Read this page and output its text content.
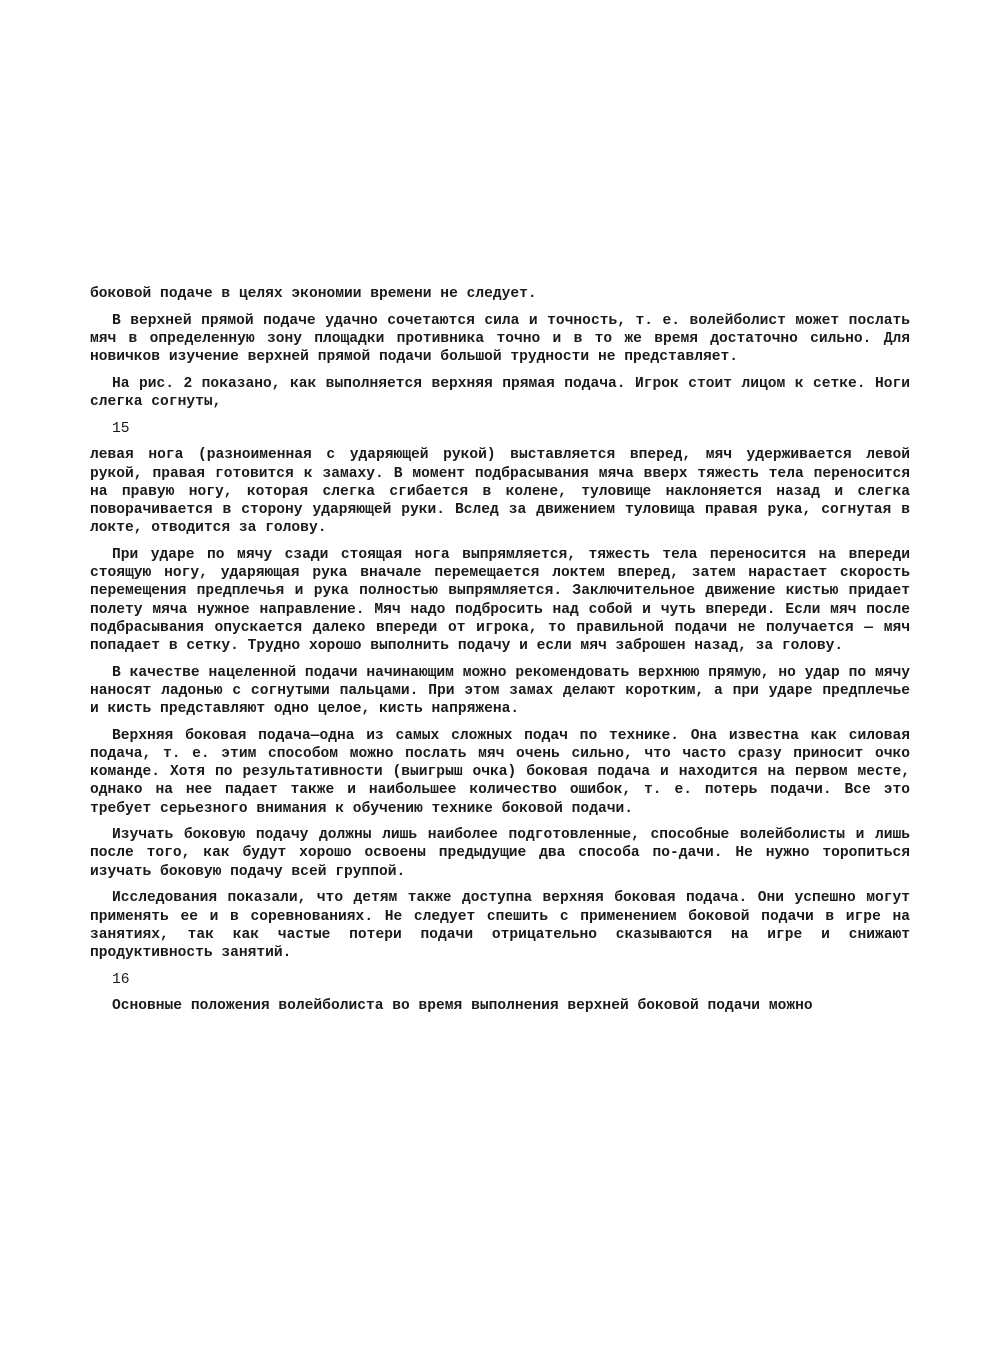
боковой подаче в целях экономии времени не следует.

В верхней прямой подаче удачно сочетаются сила и точность, т. е. волейболист может послать мяч в определенную зону площадки противника точно и в то же время достаточно сильно. Для новичков изучение верхней прямой подачи большой трудности не представляет.

На рис. 2 показано, как выполняется верхняя прямая подача. Игрок стоит лицом к сетке. Ноги слегка согнуты,

15

левая нога (разноименная с ударяющей рукой) выставляется вперед, мяч удерживается левой рукой, правая готовится к замаху. В момент подбрасывания мяча вверх тяжесть тела переносится на правую ногу, которая слегка сгибается в колене, туловище наклоняется назад и слегка поворачивается в сторону ударяющей руки. Вслед за движением туловища правая рука, согнутая в локте, отводится за голову.

При ударе по мячу сзади стоящая нога выпрямляется, тяжесть тела переносится на впереди стоящую ногу, ударяющая рука вначале перемещается локтем вперед, затем нарастает скорость перемещения предплечья и рука полностью выпрямляется. Заключительное движение кистью придает полету мяча нужное направление. Мяч надо подбросить над собой и чуть впереди. Если мяч после подбрасывания опускается далеко впереди от игрока, то правильной подачи не получается — мяч попадает в сетку. Трудно хорошо выполнить подачу и если мяч заброшен назад, за голову.

В качестве нацеленной подачи начинающим можно рекомендовать верхнюю прямую, но удар по мячу наносят ладонью с согнутыми пальцами. При этом замах делают коротким, а при ударе предплечье и кисть представляют одно целое, кисть напряжена.

Верхняя боковая подача—одна из самых сложных подач по технике. Она известна как силовая подача, т. е. этим способом можно послать мяч очень сильно, что часто сразу приносит очко команде. Хотя по результативности (выигрыш очка) боковая подача и находится на первом месте, однако на нее падает также и наибольшее количество ошибок, т. е. потерь подачи. Все это требует серьезного внимания к обучению технике боковой подачи.

Изучать боковую подачу должны лишь наиболее подготовленные, способные волейболисты и лишь после того, как будут хорошо освоены предыдущие два способа по-дачи. Не нужно торопиться изучать боковую подачу всей группой.

Исследования показали, что детям также доступна верхняя боковая подача. Они успешно могут применять ее и в соревнованиях. Не следует спешить с применением боковой подачи в игре на занятиях, так как частые потери подачи отрицательно сказываются на игре и снижают продуктивность занятий.

16

Основные положения волейболиста во время выполнения верхней боковой подачи можно
